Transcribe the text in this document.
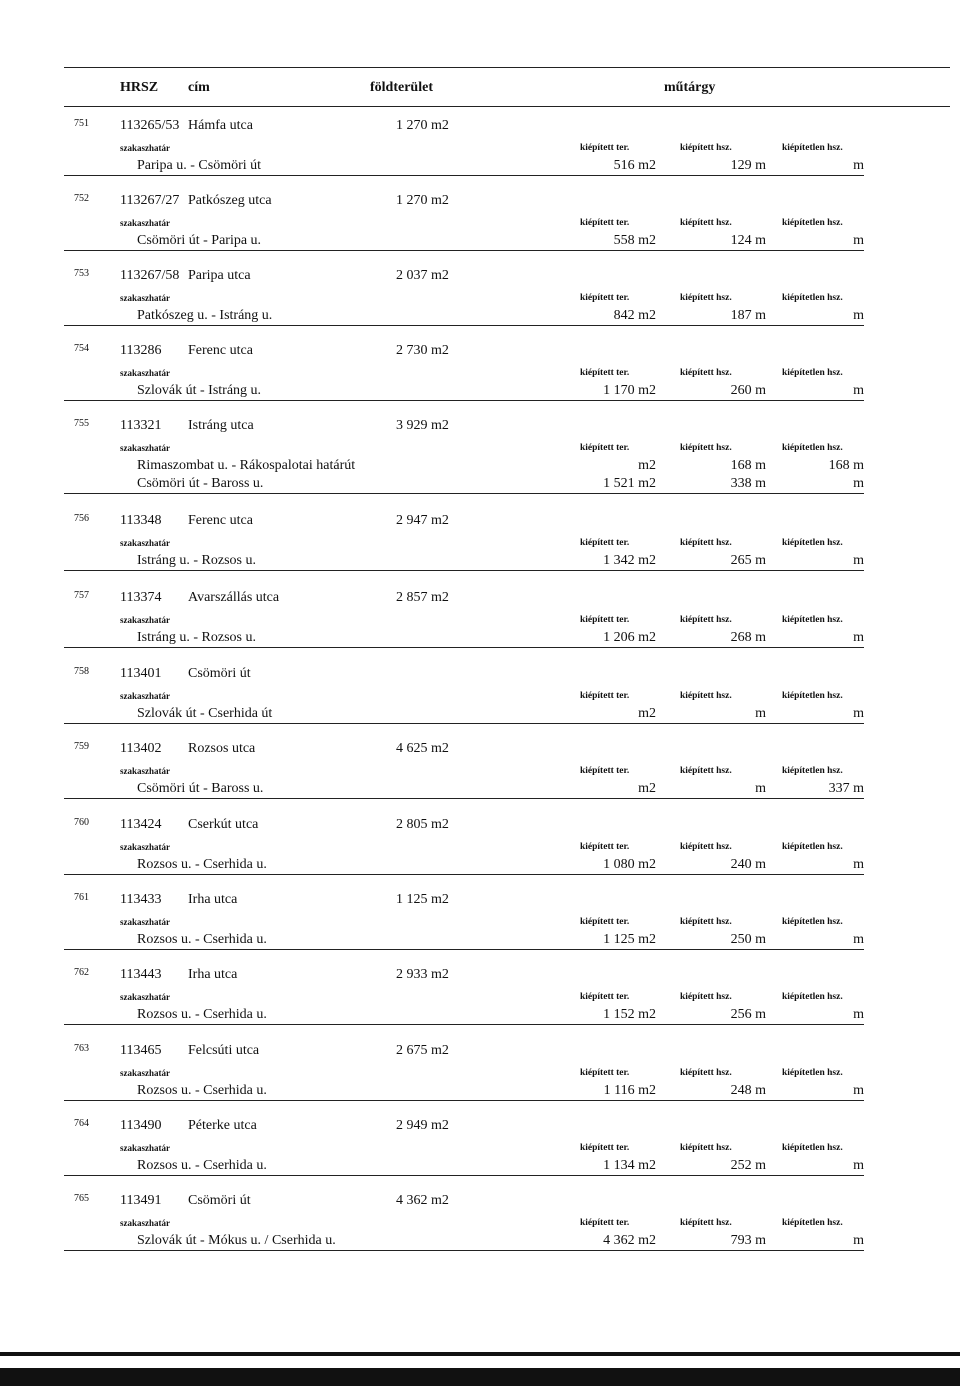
HRSZ cím	földterület	műtárgy
751 113265/53 Hámfa utca	1 270 m2
szakaszhatár	kiépített ter.	kiépített hsz.	kiépítetlen hsz.
Paripa u. - Csömöri út	516 m2	129 m	m
752 113267/27 Patkószeg utca	1 270 m2
szakaszhatár	kiépített ter.	kiépített hsz.	kiépítetlen hsz.
Csömöri út - Paripa u.	558 m2	124 m	m
753 113267/58 Paripa utca	2 037 m2
szakaszhatár	kiépített ter.	kiépített hsz.	kiépítetlen hsz.
Patkószeg u. - Istráng u.	842 m2	187 m	m
754 113286 Ferenc utca	2 730 m2
szakaszhatár	kiépített ter.	kiépített hsz.	kiépítetlen hsz.
Szlovák út - Istráng u.	1 170 m2	260 m	m
755 113321 Istráng utca	3 929 m2
szakaszhatár	kiépített ter.	kiépített hsz.	kiépítetlen hsz.
Rimaszombat u. - Rákospalotai határút	m2	168 m	168 m
Csömöri út - Baross u.	1 521 m2	338 m	m
756 113348 Ferenc utca	2 947 m2
szakaszhatár	kiépített ter.	kiépített hsz.	kiépítetlen hsz.
Istráng u. - Rozsos u.	1 342 m2	265 m	m
757 113374 Avarszállás utca	2 857 m2
szakaszhatár	kiépített ter.	kiépített hsz.	kiépítetlen hsz.
Istráng u. - Rozsos u.	1 206 m2	268 m	m
758 113401 Csömöri út
szakaszhatár	kiépített ter.	kiépített hsz.	kiépítetlen hsz.
Szlovák út - Cserhida út	m2	m	m
759 113402 Rozsos utca	4 625 m2
szakaszhatár	kiépített ter.	kiépített hsz.	kiépítetlen hsz.
Csömöri út - Baross u.	m2	m	337 m
760 113424 Cserkút utca	2 805 m2
szakaszhatár	kiépített ter.	kiépített hsz.	kiépítetlen hsz.
Rozsos u. - Cserhida u.	1 080 m2	240 m	m
761 113433 Irha utca	1 125 m2
szakaszhatár	kiépített ter.	kiépített hsz.	kiépítetlen hsz.
Rozsos u. - Cserhida u.	1 125 m2	250 m	m
762 113443 Irha utca	2 933 m2
szakaszhatár	kiépített ter.	kiépített hsz.	kiépítetlen hsz.
Rozsos u. - Cserhida u.	1 152 m2	256 m	m
763 113465 Felcsúti utca	2 675 m2
szakaszhatár	kiépített ter.	kiépített hsz.	kiépítetlen hsz.
Rozsos u. - Cserhida u.	1 116 m2	248 m	m
764 113490 Péterke utca	2 949 m2
szakaszhatár	kiépített ter.	kiépített hsz.	kiépítetlen hsz.
Rozsos u. - Cserhida u.	1 134 m2	252 m	m
765 113491 Csömöri út	4 362 m2
szakaszhatár	kiépített ter.	kiépített hsz.	kiépítetlen hsz.
Szlovák út - Mókus u. / Cserhida u.	4 362 m2	793 m	m
